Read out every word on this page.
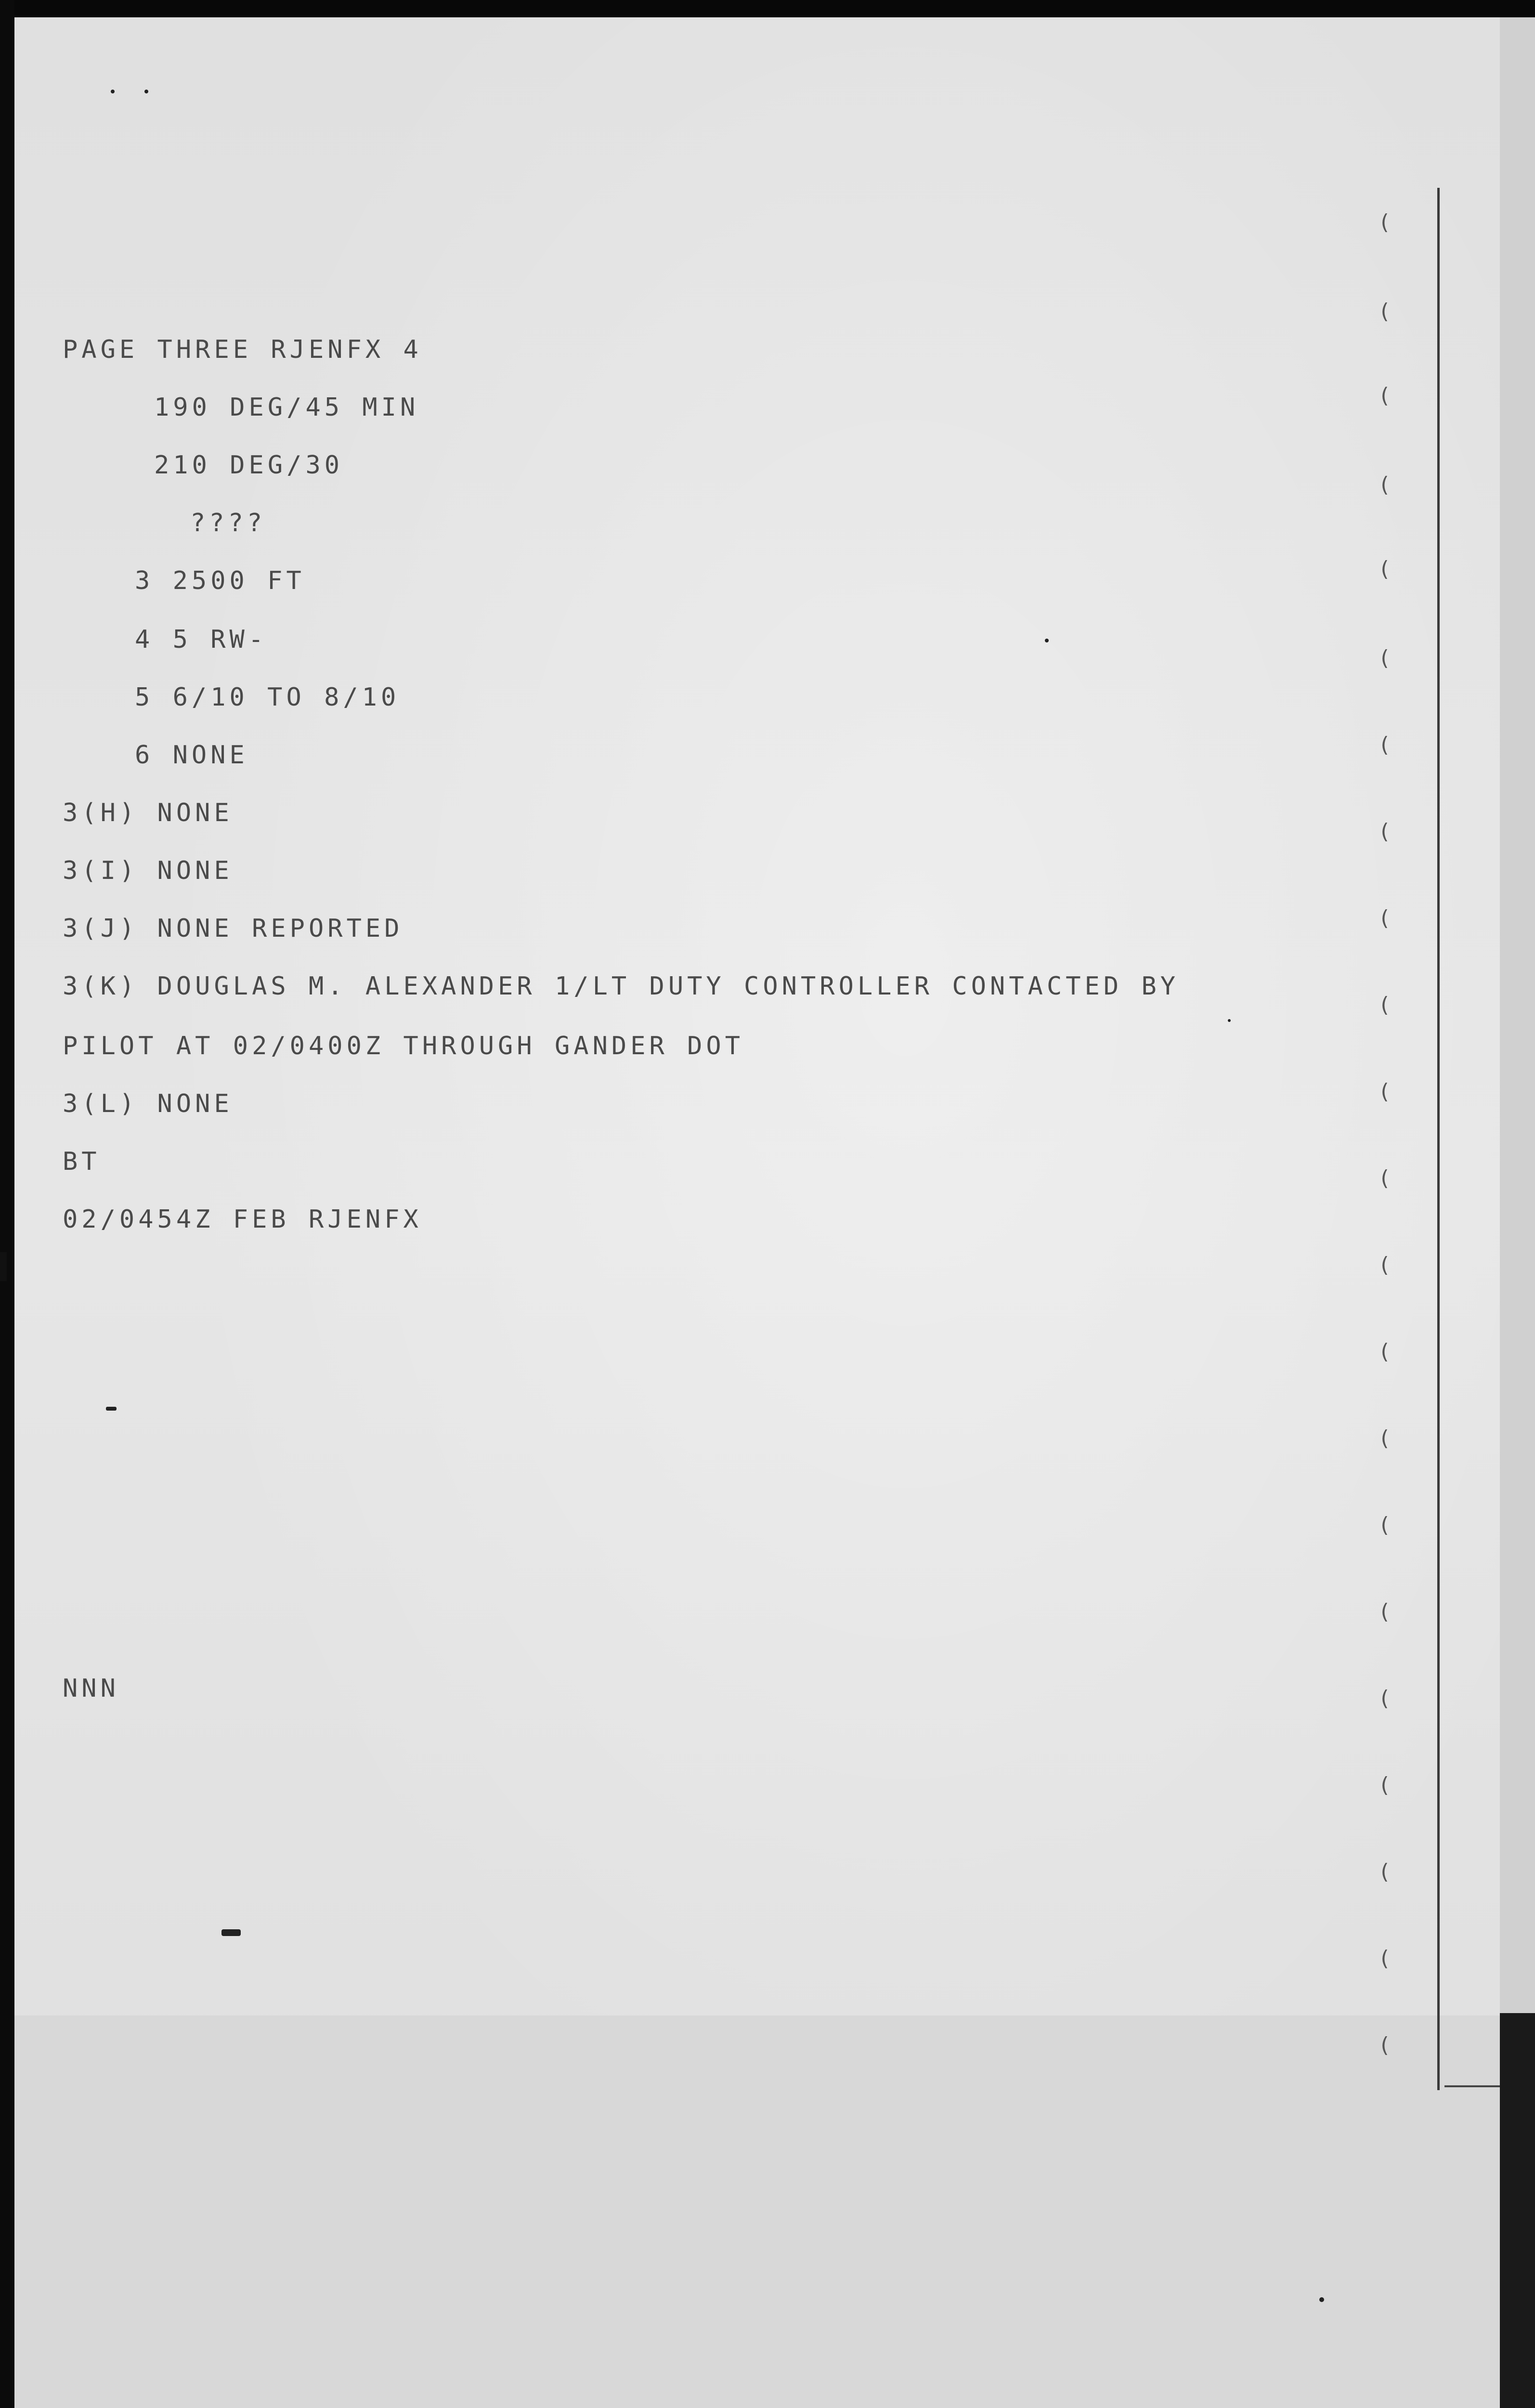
PAGE THREE RJENFX 4
190 DEG/45 MIN
210 DEG/30
????
3 2500 FT
4 5 RW-
5 6/10 TO 8/10
6 NONE
3(H) NONE
3(I) NONE
3(J) NONE REPORTED
3(K) DOUGLAS M. ALEXANDER 1/LT DUTY CONTROLLER CONTACTED BY
PILOT AT 02/0400Z THROUGH GANDER DOT
3(L) NONE
BT
02/0454Z FEB RJENFX
NNN
(
(
(
(
(
(
(
(
(
(
(
(
(
(
(
(
(
(
(
(
(
(
